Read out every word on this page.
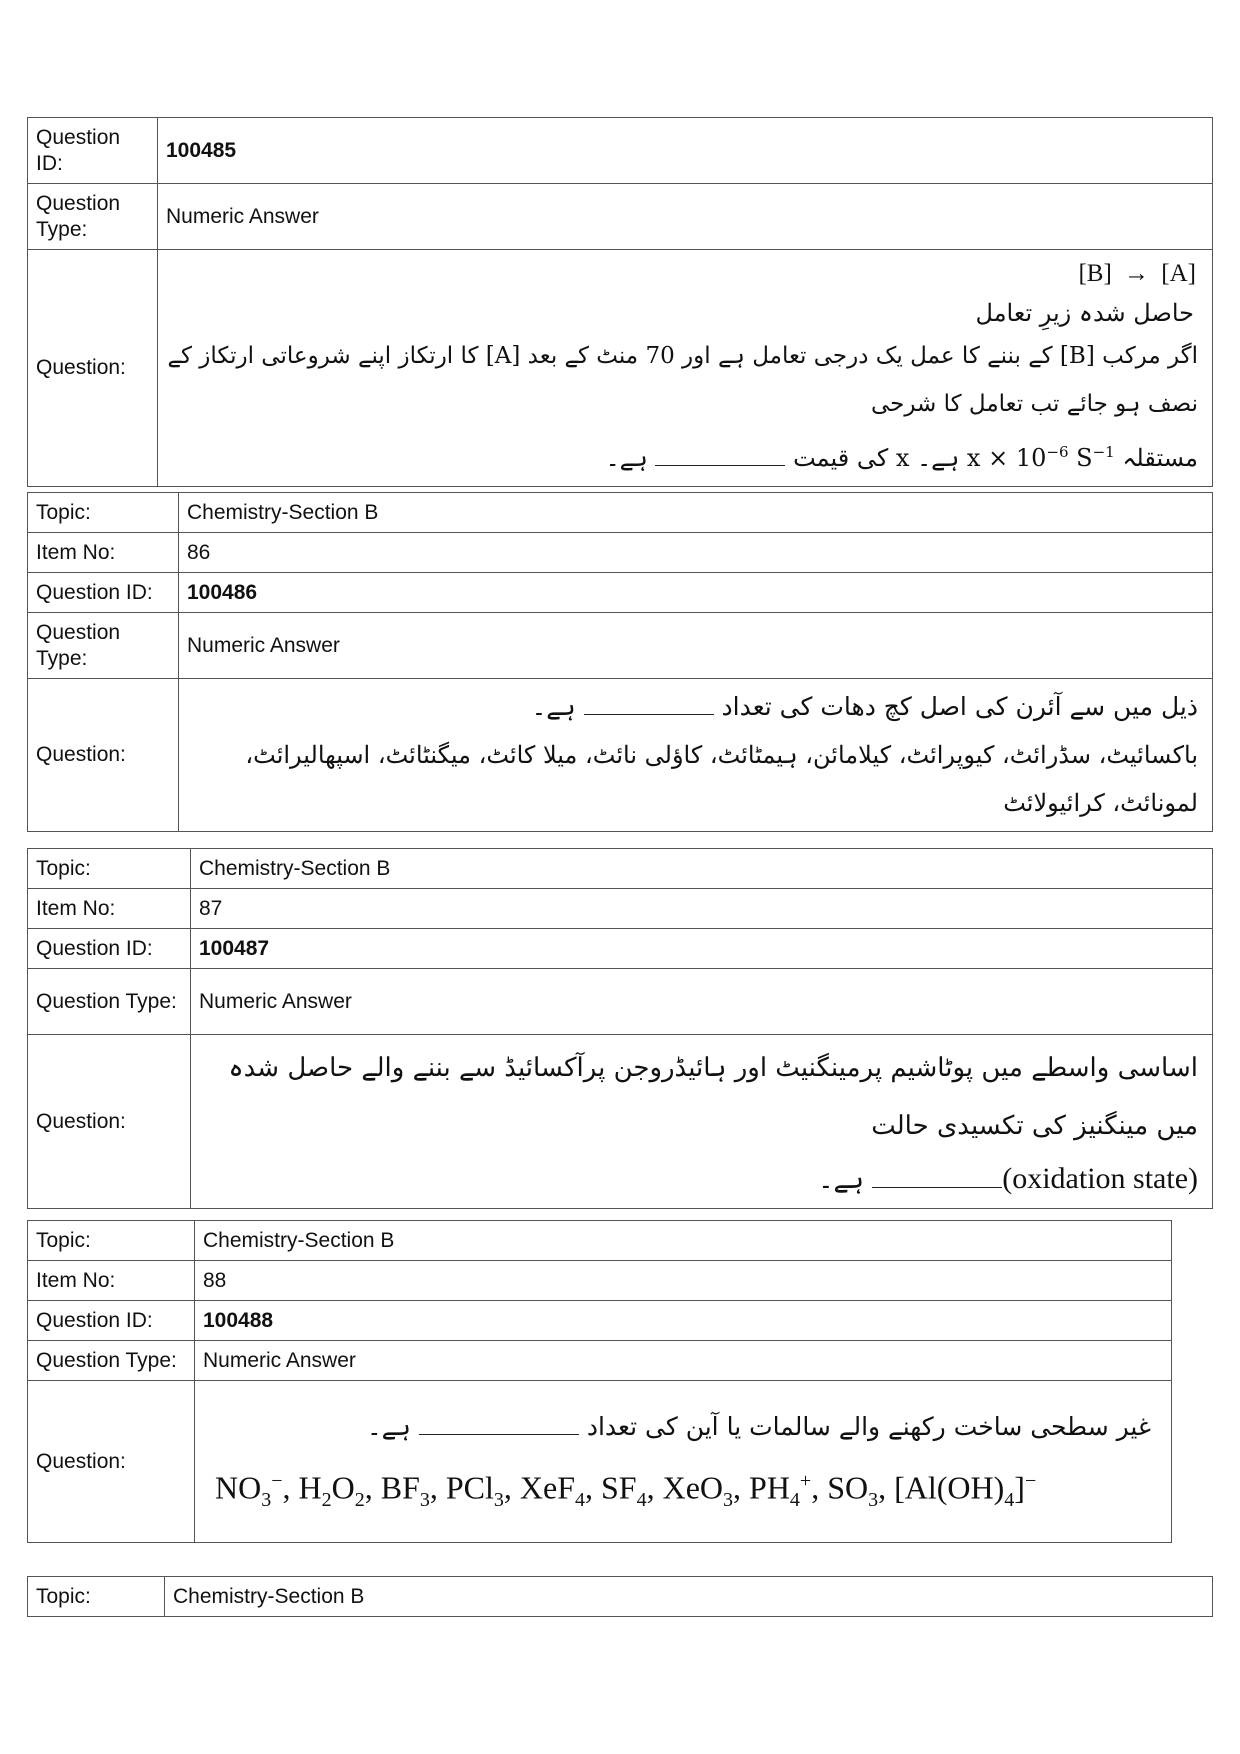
Question ID:	100485
Question Type:	Numeric Answer
Question:	[B] → [A]
حاصل شدہ زیرِ تعامل
اگر مرکب [B] کے بننے کا عمل یک درجی تعامل ہے اور 70 منٹ کے بعد [A] کا ارتکاز اپنے شروعاتی ارتکاز کے نصف ہو جائے تب تعامل کا شرحی
مستقلہ $x \times 10^{-6}$ $S^{-1}$ ہے۔ x کی قیمت  ہے۔
Topic:	Chemistry-Section B
Item No:	86
Question ID:	100486
Question Type:	Numeric Answer
Question:	ذیل میں سے آئرن کی اصل کچ دھات کی تعداد  ہے۔
باکسائیٹ، سڈرائٹ، کیوپرائٹ، کیلامائن، ہیمٹائٹ، کاؤلی نائٹ، میلا کائٹ، میگنٹائٹ، اسپھالیرائٹ، لمونائٹ، کرائیولائٹ
Topic:	Chemistry-Section B
Item No:	87
Question ID:	100487
Question Type:	Numeric Answer
Question:	اساسی واسطے میں پوٹاشیم پرمینگنیٹ اور ہائیڈروجن پرآکسائیڈ سے بننے والے حاصل شدہ میں مینگنیز کی تکسیدی حالت
(oxidation state) ہے۔
Topic:	Chemistry-Section B
Item No:	88
Question ID:	100488
Question Type:	Numeric Answer
Question:	غیر سطحی ساخت رکھنے والے سالمات یا آین کی تعداد  ہے۔
$NO_3^-$, $H_2O_2$, $BF_3$, PCl$_3$, XeF$_4$, $SF_4$, XeO$_3$, $PH_4^+$, $SO_3$, $[Al(OH)_4]^-$
Topic:	Chemistry-Section B
